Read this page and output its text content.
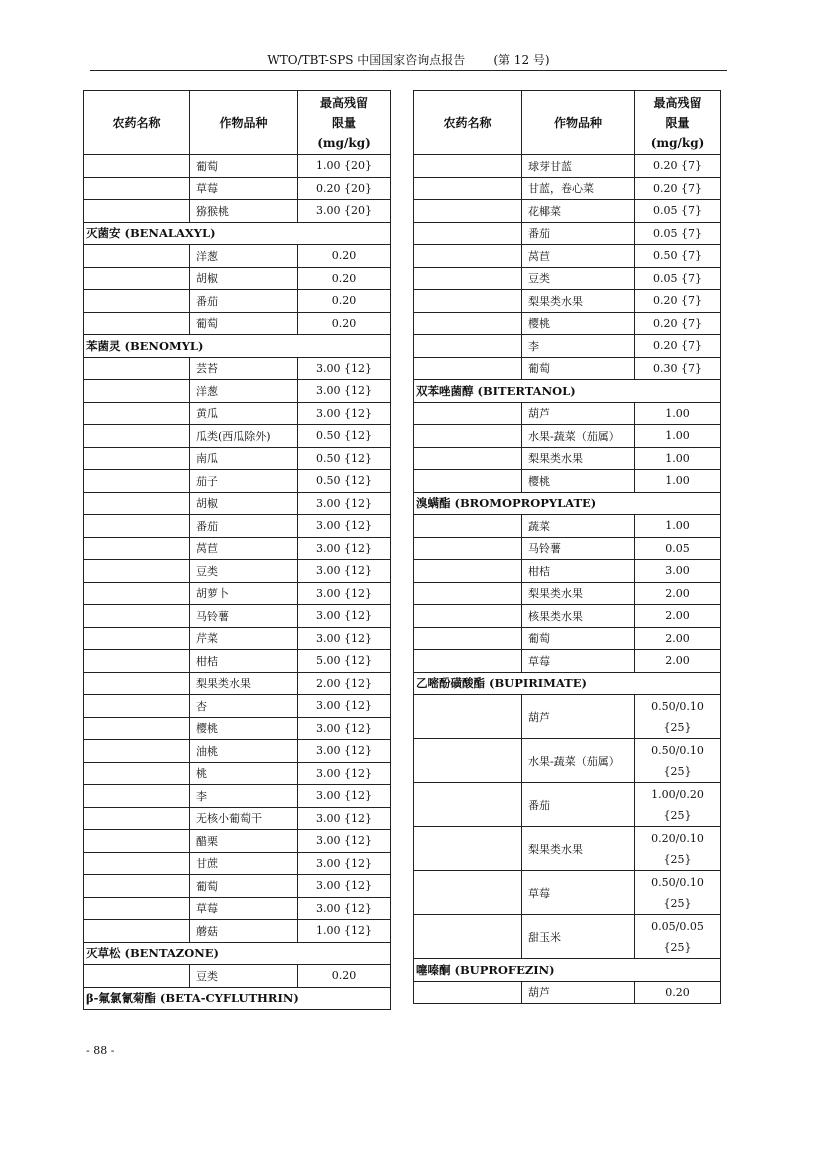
WTO/TBT-SPS 中国国家咨询点报告 (第 12 号)
农药名称	作物品种	最高残留
限量
(mg/kg)
	葡萄	1.00 {20}
	草莓	0.20 {20}
	猕猴桃	3.00 {20}
灭菌安 (BENALAXYL)		
	洋葱	0.20
	胡椒	0.20
	番茄	0.20
	葡萄	0.20
苯菌灵 (BENOMYL)		
	芸苔	3.00 {12}
	洋葱	3.00 {12}
	黄瓜	3.00 {12}
	瓜类(西瓜除外)	0.50 {12}
	南瓜	0.50 {12}
	茄子	0.50 {12}
	胡椒	3.00 {12}
	番茄	3.00 {12}
	莴苣	3.00 {12}
	豆类	3.00 {12}
	胡萝卜	3.00 {12}
	马铃薯	3.00 {12}
	芹菜	3.00 {12}
	柑桔	5.00 {12}
	梨果类水果	2.00 {12}
	杏	3.00 {12}
	樱桃	3.00 {12}
	油桃	3.00 {12}
	桃	3.00 {12}
	李	3.00 {12}
	无核小葡萄干	3.00 {12}
	醋栗	3.00 {12}
	甘蔗	3.00 {12}
	葡萄	3.00 {12}
	草莓	3.00 {12}
	蘑菇	1.00 {12}
灭草松 (BENTAZONE)		
	豆类	0.20
β-氟氯氰菊酯 (BETA-CYFLUTHRIN)		
农药名称	作物品种	最高残留
限量
(mg/kg)
	球芽甘蓝	0.20 {7}
	甘蓝，卷心菜	0.20 {7}
	花椰菜	0.05 {7}
	番茄	0.05 {7}
	莴苣	0.50 {7}
	豆类	0.05 {7}
	梨果类水果	0.20 {7}
	樱桃	0.20 {7}
	李	0.20 {7}
	葡萄	0.30 {7}
双苯唑菌醇 (BITERTANOL)		
	葫芦	1.00
	水果-蔬菜（茄属）	1.00
	梨果类水果	1.00
	樱桃	1.00
溴螨酯 (BROMOPROPYLATE)		
	蔬菜	1.00
	马铃薯	0.05
	柑桔	3.00
	梨果类水果	2.00
	核果类水果	2.00
	葡萄	2.00
	草莓	2.00
乙嘧酚磺酸酯 (BUPIRIMATE)		
	葫芦	0.50/0.10
{25}
	水果-蔬菜（茄属）	0.50/0.10
{25}
	番茄	1.00/0.20
{25}
	梨果类水果	0.20/0.10
{25}
	草莓	0.50/0.10
{25}
	甜玉米	0.05/0.05
{25}
噻嗪酮 (BUPROFEZIN)		
	葫芦	0.20
- 88 -
